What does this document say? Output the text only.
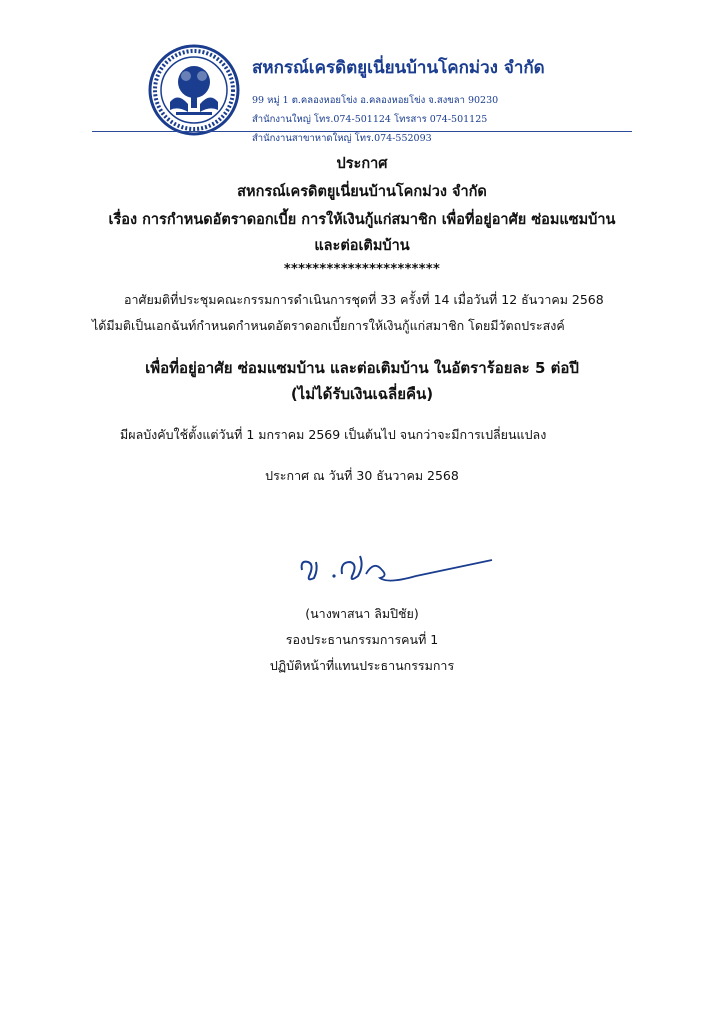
สหกรณ์เครดิตยูเนี่ยนบ้านโคกม่วง จำกัด
99 หมู่ 1 ต.คลองหอยโข่ง อ.คลองหอยโข่ง จ.สงขลา 90230
สำนักงานใหญ่ โทร.074-501124 โทรสาร 074-501125
สำนักงานสาขาหาดใหญ่ โทร.074-552093
ประกาศ
สหกรณ์เครดิตยูเนี่ยนบ้านโคกม่วง จำกัด
เรื่อง การกำหนดอัตราดอกเบี้ย การให้เงินกู้แก่สมาชิก เพื่อที่อยู่อาศัย ซ่อมแซมบ้าน
และต่อเติมบ้าน
**********************
อาศัยมติที่ประชุมคณะกรรมการดำเนินการชุดที่ 33 ครั้งที่ 14 เมื่อวันที่ 12 ธันวาคม 2568
ได้มีมติเป็นเอกฉันท์กำหนดกำหนดอัตราดอกเบี้ยการให้เงินกู้แก่สมาชิก โดยมีวัตถประสงค์
เพื่อที่อยู่อาศัย ซ่อมแซมบ้าน และต่อเติมบ้าน ในอัตราร้อยละ 5 ต่อปี
(ไม่ได้รับเงินเฉลี่ยคืน)
มีผลบังคับใช้ตั้งแต่วันที่ 1 มกราคม 2569 เป็นต้นไป จนกว่าจะมีการเปลี่ยนแปลง
ประกาศ ณ วันที่ 30 ธันวาคม 2568
(นางพาสนา ลิมปิชัย)
รองประธานกรรมการคนที่ 1
ปฏิบัติหน้าที่แทนประธานกรรมการ
